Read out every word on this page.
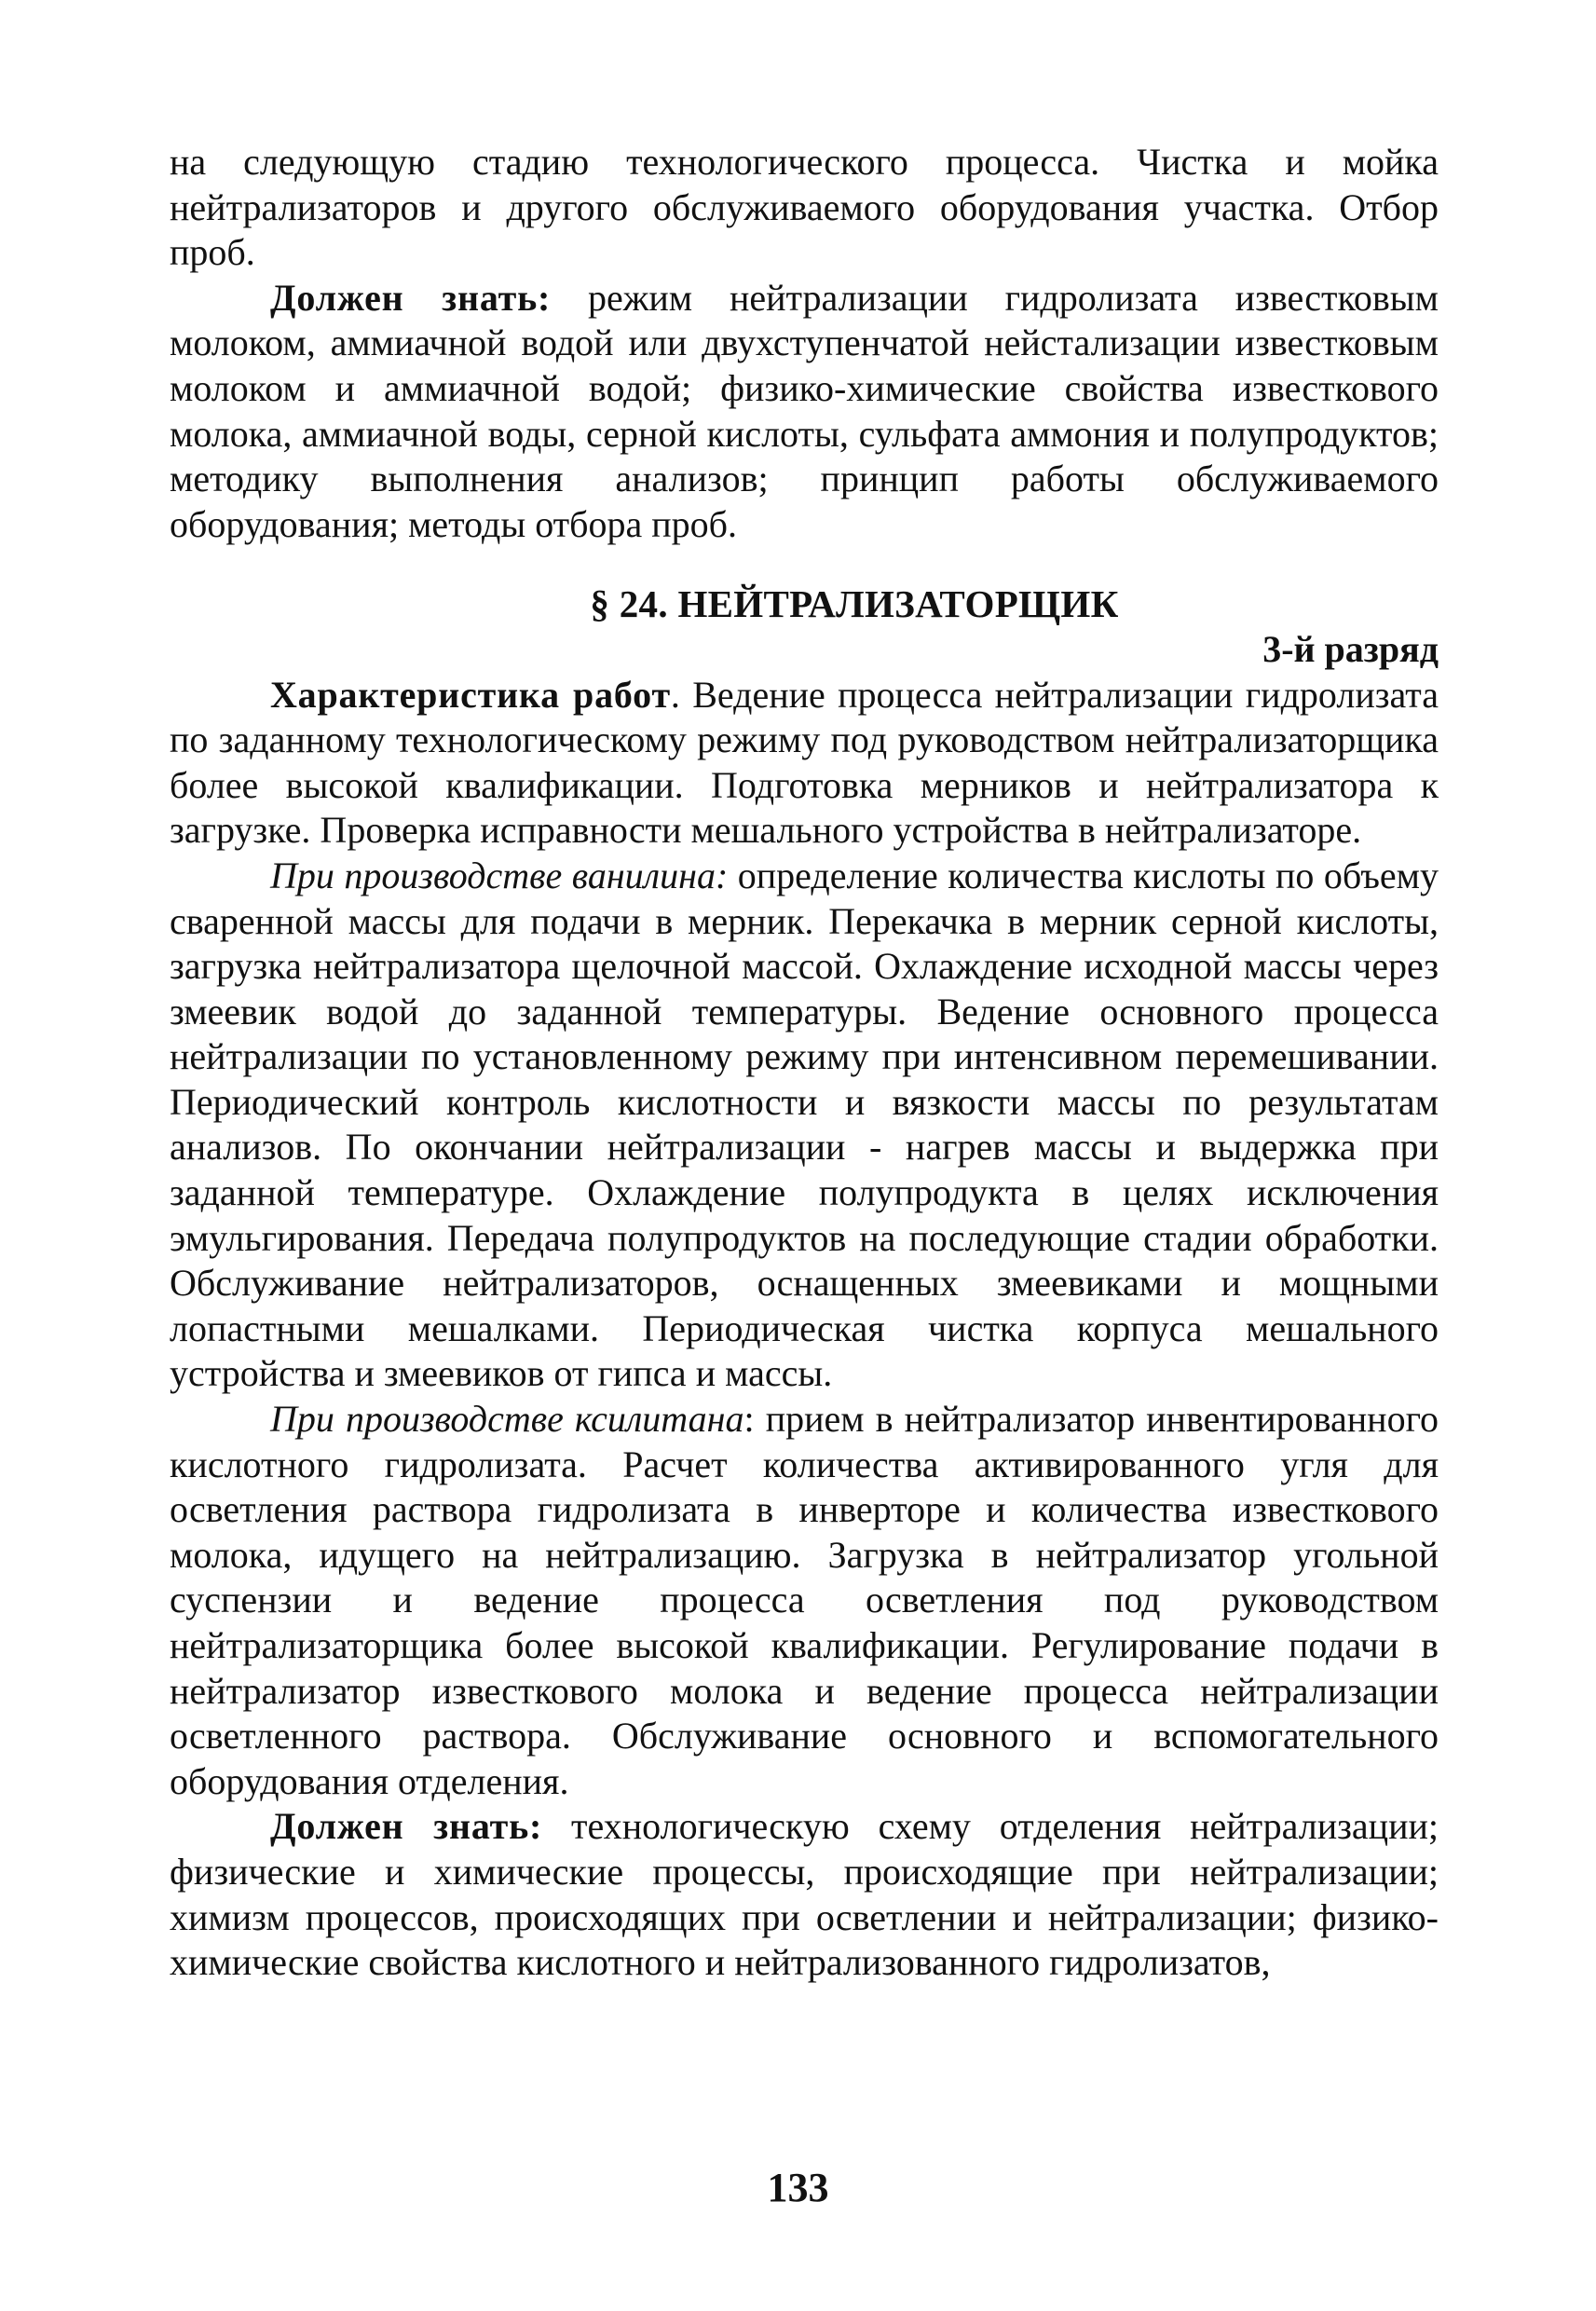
на следующую стадию технологического процесса. Чистка и мойка нейтрализаторов и другого обслуживаемого оборудования участка. Отбор проб.

Должен знать: режим нейтрализации гидролизата известковым молоком, аммиачной водой или двухступенчатой нейстализации известковым молоком и аммиачной водой; физико-химические свойства известкового молока, аммиачной воды, серной кислоты, сульфата аммония и полупродуктов; методику выполнения анализов; принцип работы обслуживаемого оборудования; методы отбора проб.

§ 24. НЕЙТРАЛИЗАТОРЩИК

3-й разряд

Характеристика работ. Ведение процесса нейтрализации гидролизата по заданному технологическому режиму под руководством нейтрализаторщика более высокой квалификации. Подготовка мерников и нейтрализатора к загрузке. Проверка исправности мешального устройства в нейтрализаторе.

При производстве ванилина: определение количества кислоты по объему сваренной массы для подачи в мерник. Перекачка в мерник серной кислоты, загрузка нейтрализатора щелочной массой. Охлаждение исходной массы через змеевик водой до заданной температуры. Ведение основного процесса нейтрализации по установленному режиму при интенсивном перемешивании. Периодический контроль кислотности и вязкости массы по результатам анализов. По окончании нейтрализации - нагрев массы и выдержка при заданной температуре. Охлаждение полупродукта в целях исключения эмульгирования. Передача полупродуктов на последующие стадии обработки. Обслуживание нейтрализаторов, оснащенных змеевиками и мощными лопастными мешалками. Периодическая чистка корпуса мешального устройства и змеевиков от гипса и массы.

При производстве ксилитана: прием в нейтрализатор инвентированного кислотного гидролизата. Расчет количества активированного угля для осветления раствора гидролизата в инверторе и количества известкового молока, идущего на нейтрализацию. Загрузка в нейтрализатор угольной суспензии и ведение процесса осветления под руководством нейтрализаторщика более высокой квалификации. Регулирование подачи в нейтрализатор известкового молока и ведение процесса нейтрализации осветленного раствора. Обслуживание основного и вспомогательного оборудования отделения.

Должен знать: технологическую схему отделения нейтрализации; физические и химические процессы, происходящие при нейтрализации; химизм процессов, происходящих при осветлении и нейтрализации; физико-химические свойства кислотного и нейтрализованного гидролизатов,

133
